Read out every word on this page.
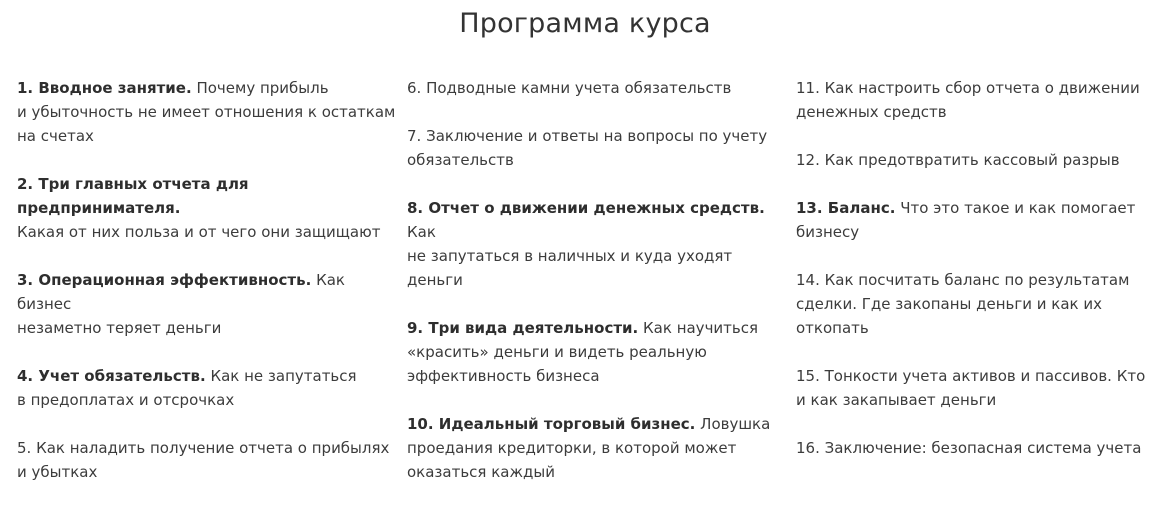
Программа курса

1. Вводное занятие. Почему прибыль
и убыточность не имеет отношения к остаткам
на счетах

2. Три главных отчета для предпринимателя.
Какая от них польза и от чего они защищают

3. Операционная эффективность. Как бизнес
незаметно теряет деньги

4. Учет обязательств. Как не запутаться
в предоплатах и отсрочках

5. Как наладить получение отчета о прибылях
и убытках

6. Подводные камни учета обязательств

7. Заключение и ответы на вопросы по учету
обязательств

8. Отчет о движении денежных средств. Как
не запутаться в наличных и куда уходят деньги

9. Три вида деятельности. Как научиться
«красить» деньги и видеть реальную
эффективность бизнеса

10. Идеальный торговый бизнес. Ловушка
проедания кредиторки, в которой может
оказаться каждый

11. Как настроить сбор отчета о движении
денежных средств

12. Как предотвратить кассовый разрыв

13. Баланс. Что это такое и как помогает
бизнесу

14. Как посчитать баланс по результатам
сделки. Где закопаны деньги и как их откопать

15. Тонкости учета активов и пассивов. Кто
и как закапывает деньги

16. Заключение: безопасная система учета
